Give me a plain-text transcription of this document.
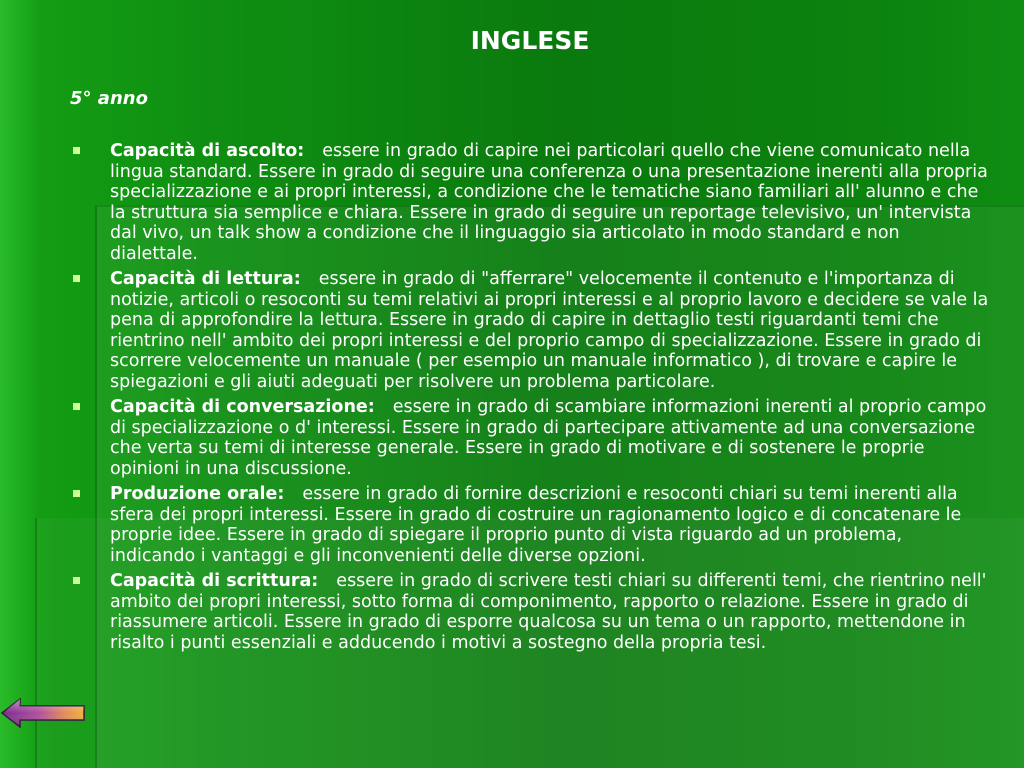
INGLESE
5° anno
Capacità di ascolto: essere in grado di capire nei particolari quello che viene comunicato nella lingua standard. Essere in grado di seguire una conferenza o una presentazione inerenti alla propria specializzazione e ai propri interessi, a condizione che le tematiche siano familiari all' alunno e che la struttura sia semplice e chiara. Essere in grado di seguire un reportage televisivo, un' intervista dal vivo, un talk show a condizione che il linguaggio sia articolato in modo standard e non dialettale.
Capacità di lettura: essere in grado di "afferrare" velocemente il contenuto e l'importanza di notizie, articoli o resoconti su temi relativi ai propri interessi e al proprio lavoro e decidere se vale la pena di approfondire la lettura. Essere in grado di capire in dettaglio testi riguardanti temi che rientrino nell' ambito dei propri interessi e del proprio campo di specializzazione. Essere in grado di scorrere velocemente un manuale ( per esempio un manuale informatico ), di trovare e capire le spiegazioni e gli aiuti adeguati per risolvere un problema particolare.
Capacità di conversazione: essere in grado di scambiare informazioni inerenti al proprio campo di specializzazione o d' interessi. Essere in grado di partecipare attivamente ad una conversazione che verta su temi di interesse generale. Essere in grado di motivare e di sostenere le proprie opinioni in una discussione.
Produzione orale: essere in grado di fornire descrizioni e resoconti chiari su temi inerenti alla sfera dei propri interessi. Essere in grado di costruire un ragionamento logico e di concatenare le proprie idee. Essere in grado di spiegare il proprio punto di vista riguardo ad un problema, indicando i vantaggi e gli inconvenienti delle diverse opzioni.
Capacità di scrittura: essere in grado di scrivere testi chiari su differenti temi, che rientrino nell' ambito dei propri interessi, sotto forma di componimento, rapporto o relazione. Essere in grado di riassumere articoli. Essere in grado di esporre qualcosa su un tema o un rapporto, mettendone in risalto i punti essenziali e adducendo i motivi a sostegno della propria tesi.
